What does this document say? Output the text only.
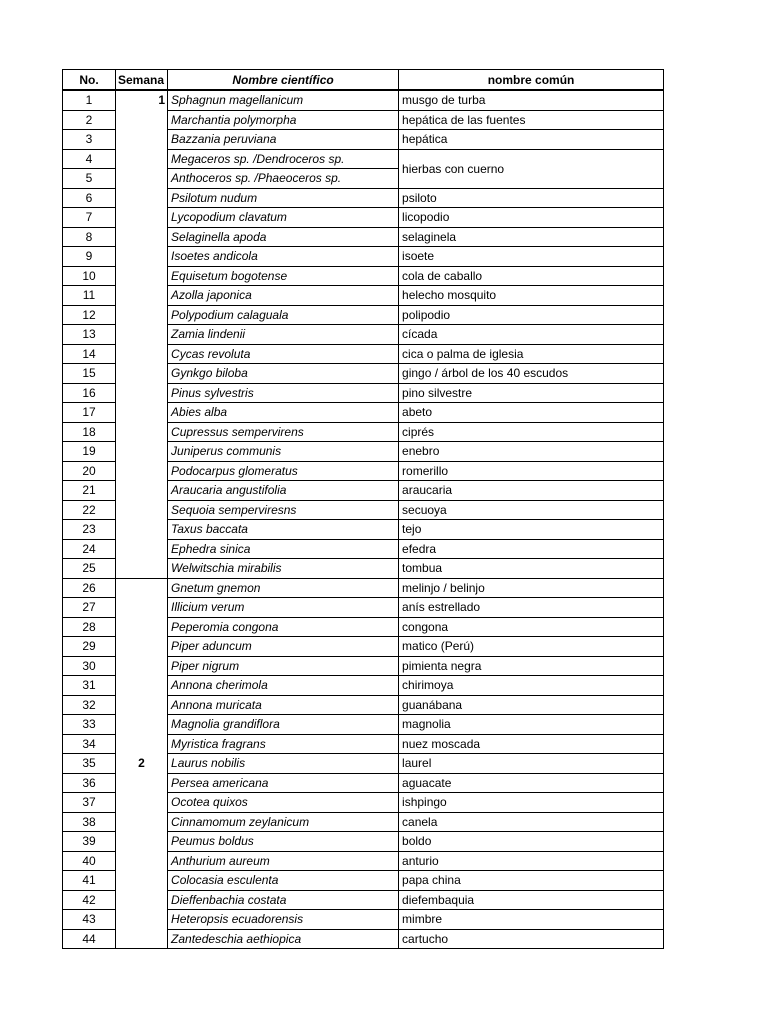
No.	Semana	Nombre científico	nombre común
1	1	Sphagnun magellanicum	musgo de turba
2		Marchantia polymorpha	hepática de las fuentes
3		Bazzania peruviana	hepática
4		Megaceros sp. /Dendroceros sp.	hierbas con cuerno
5		Anthoceros sp. /Phaeoceros sp.	
6		Psilotum nudum	psiloto
7		Lycopodium clavatum	licopodio
8		Selaginella apoda	selaginela
9		Isoetes andicola	isoete
10		Equisetum bogotense	cola de caballo
11		Azolla japonica	helecho mosquito
12		Polypodium calaguala	polipodio
13		Zamia lindenii	cícada
14		Cycas revoluta	cica o palma de iglesia
15		Gynkgo biloba	gingo / árbol de los 40 escudos
16		Pinus sylvestris	pino silvestre
17		Abies alba	abeto
18		Cupressus sempervirens	ciprés
19		Juniperus communis	enebro
20		Podocarpus glomeratus	romerillo
21		Araucaria angustifolia	araucaria
22		Sequoia semperviresns	secuoya
23		Taxus baccata	tejo
24		Ephedra sinica	efedra
25		Welwitschia mirabilis	tombua
26	2	Gnetum gnemon	melinjo / belinjo
27		Illicium verum	anís estrellado
28		Peperomia congona	congona
29		Piper aduncum	matico (Perú)
30		Piper nigrum	pimienta negra
31		Annona cherimola	chirimoya
32		Annona muricata	guanábana
33		Magnolia grandiflora	magnolia
34		Myristica fragrans	nuez moscada
35		Laurus nobilis	laurel
36		Persea americana	aguacate
37		Ocotea quixos	ishpingo
38		Cinnamomum zeylanicum	canela
39		Peumus boldus	boldo
40		Anthurium aureum	anturio
41		Colocasia esculenta	papa china
42		Dieffenbachia costata	diefembaquia
43		Heteropsis ecuadorensis	mimbre
44		Zantedeschia aethiopica	cartucho
